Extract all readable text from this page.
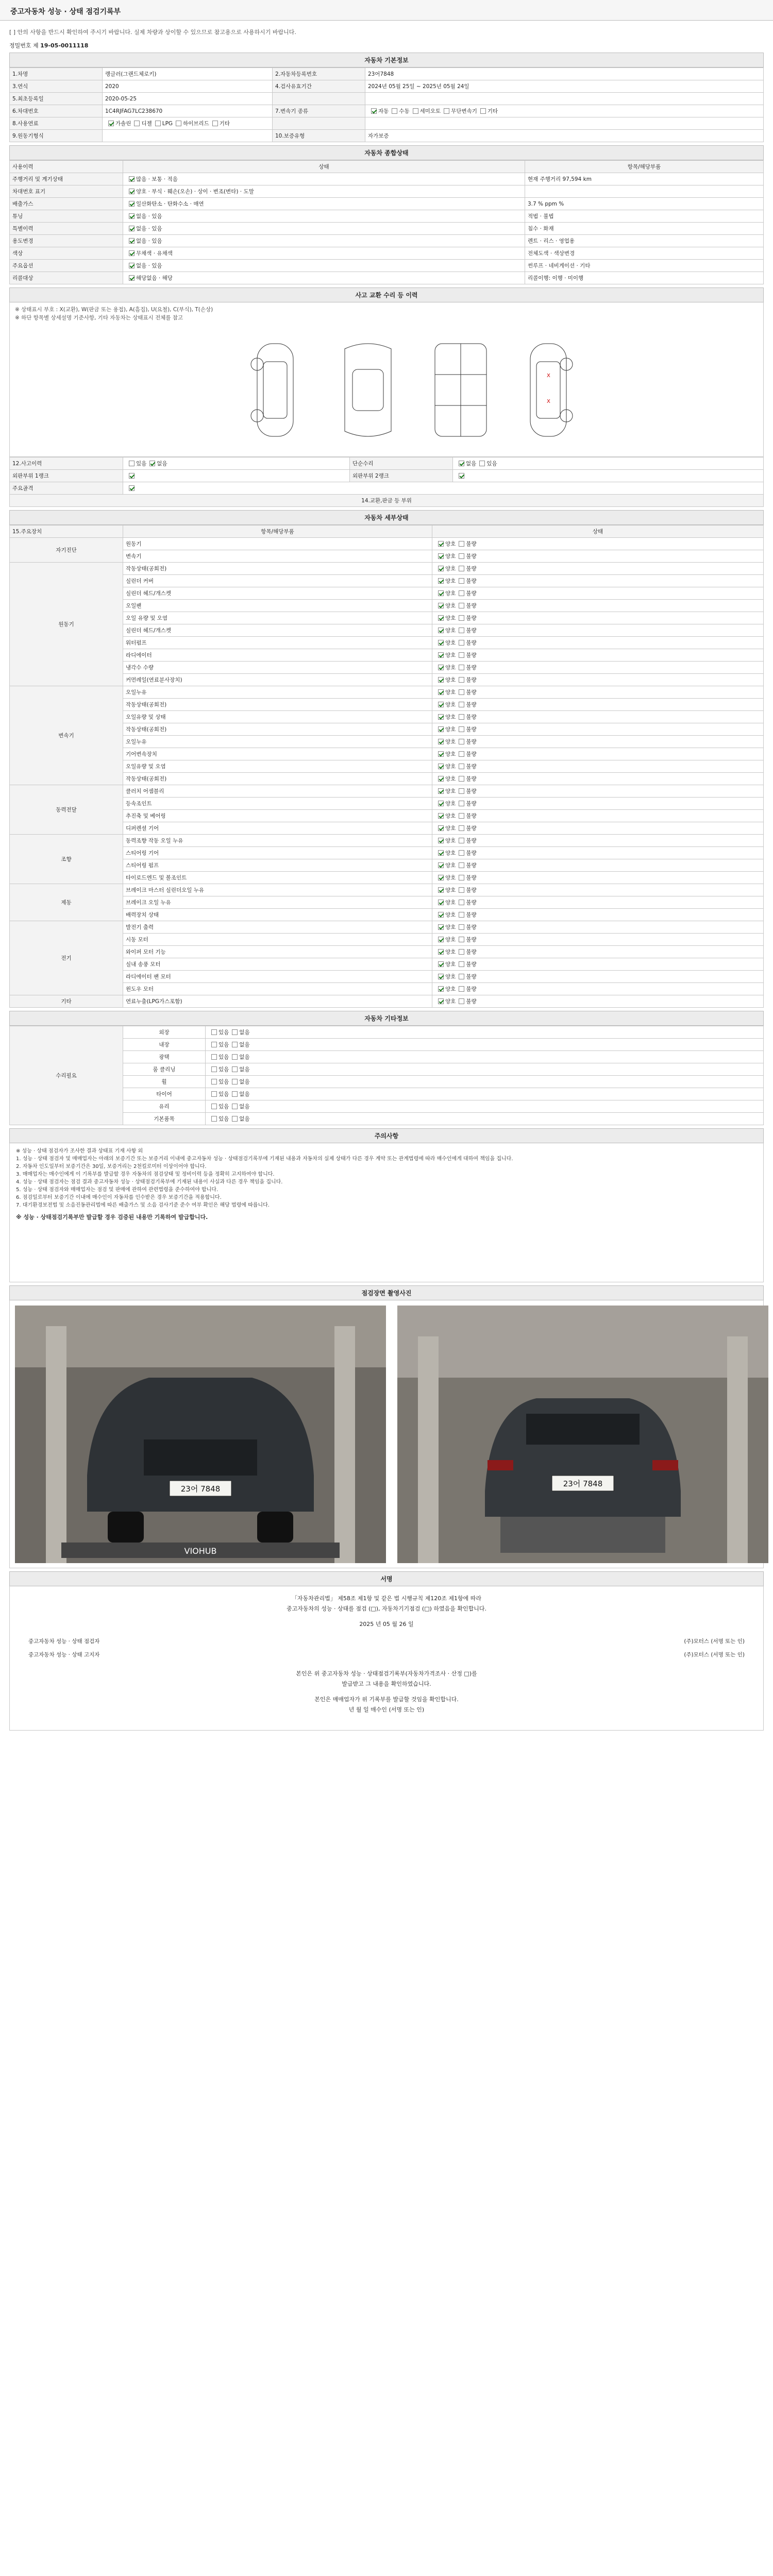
중고자동차 성능 · 상태 점검기록부
[ ] 안의 사항을 반드시 확인하여 주시기 바랍니다. 실제 차량과 상이할 수 있으므로 참고용으로 사용하시기 바랍니다.
정밀번호 제 19-05-0011118
자동차 기본정보
1.차명	랭글러(그랜드체로키)	2.자동차등록번호	23어7848
3.연식	2020	4.검사유효기간	2024년 05월 25일 ~ 2025년 05월 24일
5.최초등록일	2020-05-25		
6.차대번호	1C4RJFAG7LC238670	7.변속기 종류	자동 수동 세미오토 무단변속기 기타
8.사용연료	가솔린 디젤 LPG 하이브리드 기타		
9.원동기형식		10.보증유형	자가보증
자동차 종합상태
사용이력	상태	항목/해당부품
주행거리 및 계기상태	많음 · 보통 · 적음	현재 주행거리 97,594 km
차대번호 표기	양호 · 부식 · 훼손(오손) · 상이 · 변조(변타) · 도말	
배출가스	일산화탄소 · 탄화수소 · 매연	3.7 % ppm %
튜닝	없음 · 있음	적법 · 불법
특별이력	없음 · 있음	침수 · 화재
용도변경	없음 · 있음	렌트 · 리스 · 영업용
색상	무채색 · 유채색	전체도색 · 색상변경
주요옵션	없음 · 있음	썬루프 · 네비게이션 · 기타
리콜대상	해당없음 · 해당	리콜이행: 이행 · 미이행
사고 교환 수리 등 이력
※ 상태표시 부호 : X(교환), W(판금 또는 용접), A(흠집), U(요철), C(부식), T(손상)
※ 하단 항목별 상세설명 기준사항, 기타 자동차는 상태표시 전체를 참고
X
X
12.사고이력	있음 없음	단순수리	없음 있음
외판부위 1랭크		외판부위 2랭크	
주요골격			
14.교환,판금 등 부위			
자동차 세부상태
15.주요장치	항목/해당부품	상태
자기진단	원동기	양호 불량
	변속기	양호 불량
원동기	작동상태(공회전)	양호 불량
	실린더 커버	양호 불량
	실린더 헤드/개스켓	양호 불량
	오일팬	양호 불량
	오일 유량 및 오염	양호 불량
	실린더 헤드/개스켓	양호 불량
	워터펌프	양호 불량
	라디에이터	양호 불량
	냉각수 수량	양호 불량
	커먼레일(연료분사장치)	양호 불량
변속기	오일누유	양호 불량
	작동상태(공회전)	양호 불량
	오일유량 및 상태	양호 불량
	작동상태(공회전)	양호 불량
	오일누유	양호 불량
	기어변속장치	양호 불량
	오일유량 및 오염	양호 불량
	작동상태(공회전)	양호 불량
동력전달	클러치 어셈블리	양호 불량
	등속조인트	양호 불량
	추진축 및 베어링	양호 불량
	디퍼렌셜 기어	양호 불량
조향	동력조향 작동 오일 누유	양호 불량
	스티어링 기어	양호 불량
	스티어링 펌프	양호 불량
	타이로드엔드 및 볼조인트	양호 불량
제동	브레이크 마스터 실린더오일 누유	양호 불량
	브레이크 오일 누유	양호 불량
	배력장치 상태	양호 불량
전기	발전기 출력	양호 불량
	시동 모터	양호 불량
	와이퍼 모터 기능	양호 불량
	실내 송풍 모터	양호 불량
	라디에이터 팬 모터	양호 불량
	윈도우 모터	양호 불량
기타	연료누출(LPG가스포함)	양호 불량
자동차 기타정보
수리필요	외장	있음 없음
	내장	있음 없음
	광택	있음 없음
	룸 클리닝	있음 없음
	휠	있음 없음
	타이어	있음 없음
	유리	있음 없음
	기본품목	있음 없음
주의사항

※ 성능 · 상태 점검자가 조사한 결과 상태표 기재 사항 외

1. 성능 · 상태 점검자 및 매매업자는 아래의 보증기간 또는 보증거리 이내에 중고자동차 성능 · 상태점검기록부에 기재된 내용과 자동차의 실제 상태가 다른 경우 계약 또는 관계법령에 따라 매수인에게 대하여 책임을 집니다.

2. 자동차 인도일부터 보증기간은 30일, 보증거리는 2천킬로미터 이상이어야 합니다.

3. 매매업자는 매수인에게 이 기록부를 발급할 경우 자동차의 점검상태 및 정비이력 등을 정확히 고지하여야 합니다.

4. 성능 · 상태 점검자는 점검 결과 중고자동차 성능 · 상태점검기록부에 기재된 내용이 사실과 다른 경우 책임을 집니다.

5. 성능 · 상태 점검자와 매매업자는 점검 및 판매에 관하여 관련법령을 준수하여야 합니다.

6. 점검일로부터 보증기간 이내에 매수인이 자동차를 인수받은 경우 보증기간을 적용합니다.

7. 대기환경보전법 및 소음진동관리법에 따른 배출가스 및 소음 검사기준 준수 여부 확인은 해당 법령에 따릅니다.

※ 성능 · 상태점검기록부만 발급할 경우 검증된 내용만 기록하여 발급합니다.

점검장면 촬영사진
23어 7848
VIOHUB
23어 7848
서명
「자동차관리법」 제58조 제1항 및 같은 법 시행규칙 제120조 제1항에 따라
중고자동차의 성능 · 상태를 점검 (□), 자동차기기점검 (□) 하였음을 확인합니다.
2025 년 05 월 26 일
중고자동차 성능 · 상태 점검자	(주)모터스 (서명 또는 인)
중고자동차 성능 · 상태 고지자	(주)모터스 (서명 또는 인)
본인은 위 중고자동차 성능 · 상태점검기록부(자동차가격조사 · 산정 □)를
발급받고 그 내용을 확인하였습니다.
본인은 매매업자가 위 기록부를 발급할 것임을 확인합니다.
년 월 일 매수인 (서명 또는 인)
